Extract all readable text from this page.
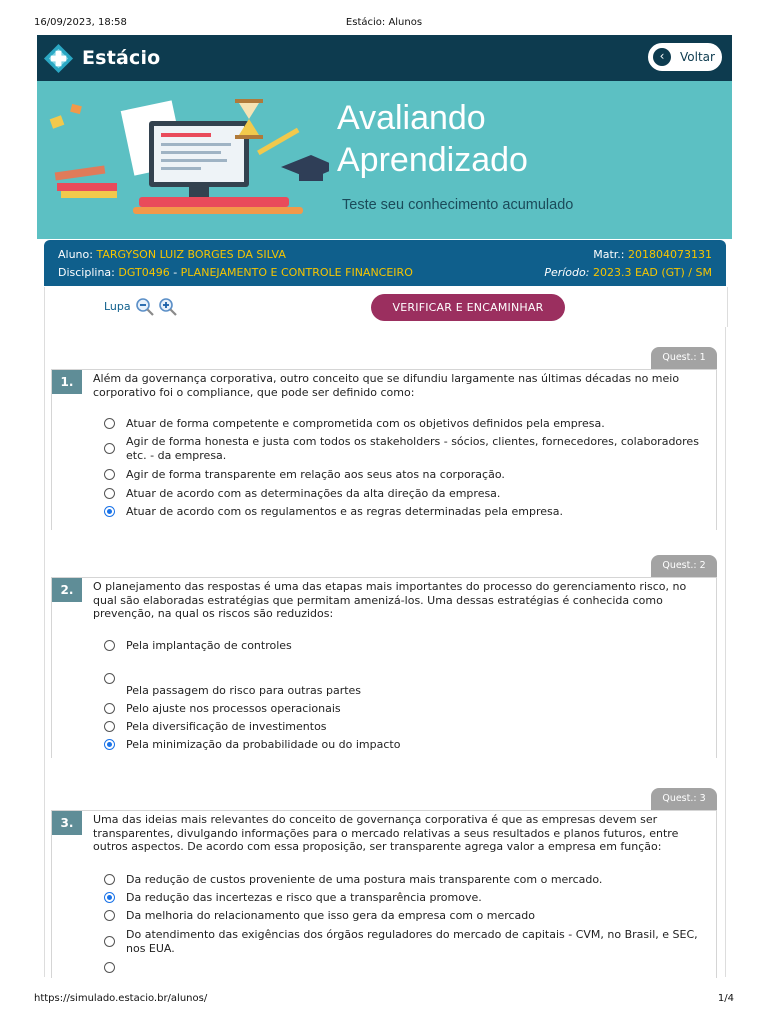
16/09/2023, 18:58	Estácio: Alunos
Estácio	‹	Voltar
Avaliando
Aprendizado
Teste seu conhecimento acumulado
Aluno: TARGYSON LUIZ BORGES DA SILVA	Matr.: 201804073131
Disciplina: DGT0496 - PLANEJAMENTO E CONTROLE FINANCEIRO	Período: 2023.3 EAD (GT) / SM
Lupa	VERIFICAR E ENCAMINHAR
Quest.: 1
1.	Além da governança corporativa, outro conceito que se difundiu largamente nas últimas décadas no meio corporativo foi o compliance, que pode ser definido como:
Atuar de forma competente e comprometida com os objetivos definidos pela empresa.
Agir de forma honesta e justa com todos os stakeholders - sócios, clientes, fornecedores, colaboradores etc. - da empresa.
Agir de forma transparente em relação aos seus atos na corporação.
Atuar de acordo com as determinações da alta direção da empresa.
Atuar de acordo com os regulamentos e as regras determinadas pela empresa.
Quest.: 2
2.	O planejamento das respostas é uma das etapas mais importantes do processo do gerenciamento risco, no qual são elaboradas estratégias que permitam amenizá-los. Uma dessas estratégias é conhecida como prevenção, na qual os riscos são reduzidos:
Pela implantação de controles
Pela passagem do risco para outras partes
Pelo ajuste nos processos operacionais
Pela diversificação de investimentos
Pela minimização da probabilidade ou do impacto
Quest.: 3
3.	Uma das ideias mais relevantes do conceito de governança corporativa é que as empresas devem ser transparentes, divulgando informações para o mercado relativas a seus resultados e planos futuros, entre outros aspectos. De acordo com essa proposição, ser transparente agrega valor a empresa em função:
Da redução de custos proveniente de uma postura mais transparente com o mercado.
Da redução das incertezas e risco que a transparência promove.
Da melhoria do relacionamento que isso gera da empresa com o mercado
Do atendimento das exigências dos órgãos reguladores do mercado de capitais - CVM, no Brasil, e SEC, nos EUA.
https://simulado.estacio.br/alunos/	1/4
